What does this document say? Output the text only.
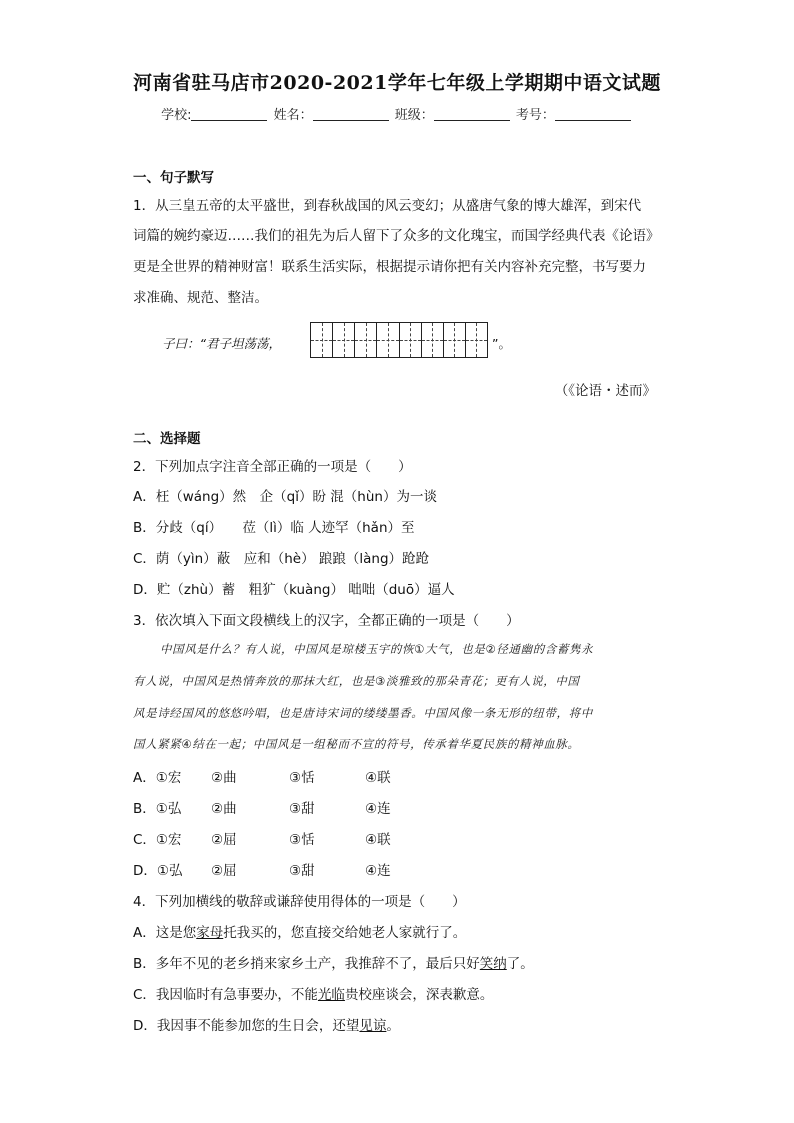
河南省驻马店市2020-2021学年七年级上学期期中语文试题
学校:	姓名：	班级：	考号：
一、句子默写
1．从三皇五帝的太平盛世，到春秋战国的风云变幻；从盛唐气象的博大雄浑，到宋代
词篇的婉约豪迈……我们的祖先为后人留下了众多的文化瑰宝，而国学经典代表《论语》
更是全世界的精神财富！联系生活实际，根据提示请你把有关内容补充完整，书写要力
求准确、规范、整洁。
子曰：“君子坦荡荡，	”。
（《论语・述而》
二、选择题
2．下列加点字注音全部正确的一项是（　　）
A．枉（wáng）然　企（qǐ）盼 混（hùn）为一谈
B．分歧（qí）　　莅（lì）临 人迹罕（hǎn）至
C．荫（yìn）蔽　应和（hè） 踉踉（làng）跄跄
D．贮（zhù）蓄　粗犷（kuàng） 咄咄（duō）逼人
3．依次填入下面文段横线上的汉字，全都正确的一项是（　　）
中国风是什么？有人说，中国风是琼楼玉宇的恢①大气，也是②径通幽的含蓄隽永
有人说，中国风是热情奔放的那抹大红，也是③淡雅致的那朵青花；更有人说，中国
风是诗经国风的悠悠吟唱，也是唐诗宋词的缕缕墨香。中国风像一条无形的纽带，将中
国人紧紧④结在一起；中国风是一组秘而不宣的符号，传承着华夏民族的精神血脉。
A．①宏 ②曲	③恬	④联
B．①弘 ②曲	③甜	④连
C．①宏 ②屈	③恬	④联
D．①弘 ②屈	③甜	④连
4．下列加横线的敬辞或谦辞使用得体的一项是（　　）
A．这是您家母托我买的，您直接交给她老人家就行了。
B．多年不见的老乡捎来家乡土产，我推辞不了，最后只好笑纳了。
C．我因临时有急事要办，不能光临贵校座谈会，深表歉意。
D．我因事不能参加您的生日会，还望见谅。
